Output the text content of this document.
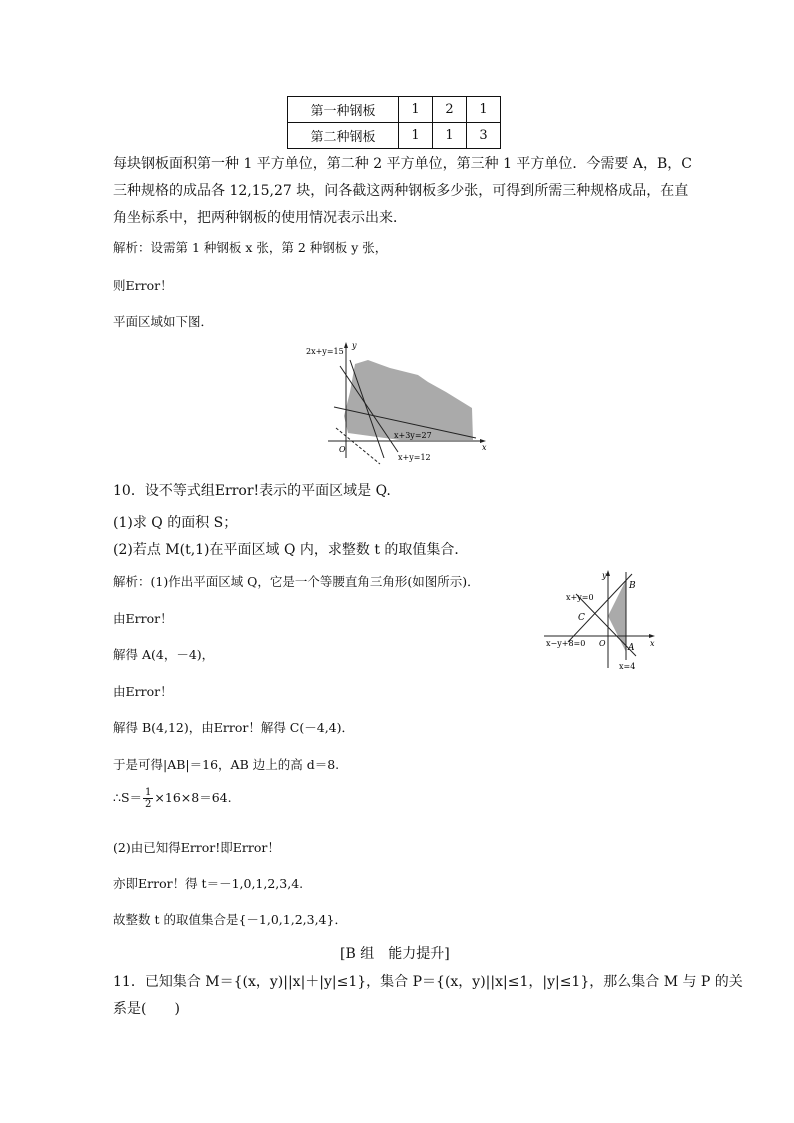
第一种钢板	1	2	1
第二种钢板	1	1	3
每块钢板面积第一种 1 平方单位，第二种 2 平方单位，第三种 1 平方单位．今需要 A，B，C
三种规格的成品各 12,15,27 块，问各截这两种钢板多少张，可得到所需三种规格成品，在直
角坐标系中，把两种钢板的使用情况表示出来．
解析：设需第 1 种钢板 x 张，第 2 种钢板 y 张，
则Error！
平面区域如下图．
2x+y=15
y
O	x
x+3y=27
x+y=12
10．设不等式组Error!表示的平面区域是 Q.
(1)求 Q 的面积 S；
(2)若点 M(t,1)在平面区域 Q 内，求整数 t 的取值集合．
解析：(1)作出平面区域 Q，它是一个等腰直角三角形(如图所示)．
由Error！
解得 A(4，－4)，
由Error！
解得 B(4,12)，由Error！解得 C(－4,4)．
于是可得|AB|＝16，AB 边上的高 d＝8.
∴S＝ $\frac{1}{2} \times 16\times 8=64$.
(2)由已知得Error!即Error！
亦即Error！得 t＝－1,0,1,2,3,4.
故整数 t 的取值集合是{－1,0,1,2,3,4}．
y
B
x+y=0
C
x−y+8=0 O A x
x=4
[B 组　能力提升]
11．已知集合 M＝{(x，y)||x|＋|y|≤1}，集合 P＝{(x，y)||x|≤1，|y|≤1}，那么集合 M 与 P 的关
系是(　　)
